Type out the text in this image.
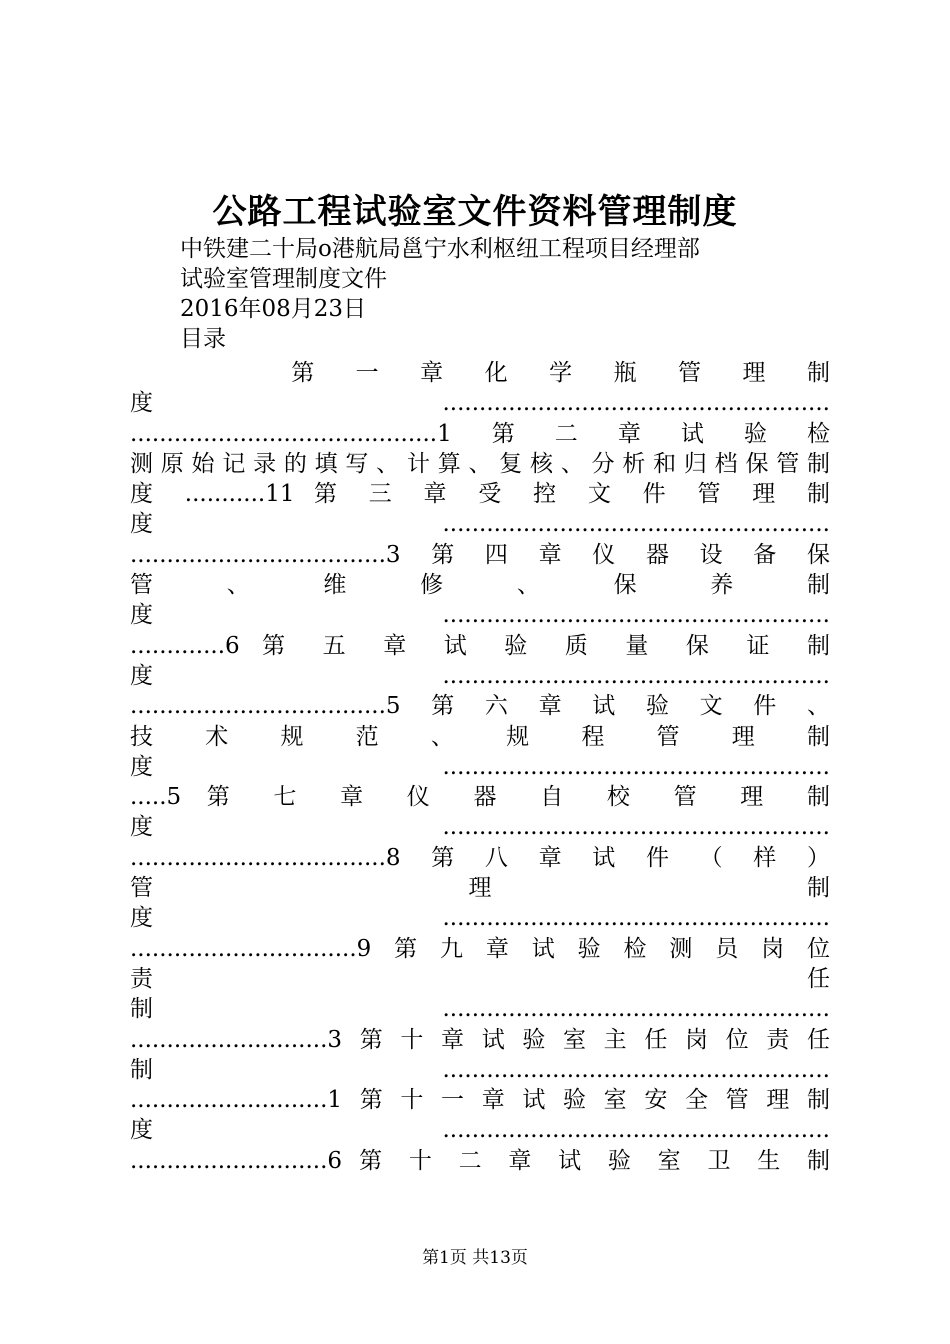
公路工程试验室文件资料管理制度
中铁建二十局o港航局邕宁水利枢纽工程项目经理部
试验室管理制度文件
2016年08月23日
目录
　　　　　第　一　章　化　学　瓶　管　理　制
度.....................................................
..........................................1第二章试验检
测原始记录的填写、计算、复核、分析和归档保管制
度 ...........11 第 三 章 受 控 文 件 管 理 制
度.....................................................
...................................3第四章仪器设备保
管 、 维 修 、 保 养 制
度.....................................................
.............6 第 五 章 试 验 质 量 保 证 制
度.....................................................
...................................5第六章试验文件、
技 术 规 范 、 规 程 管 理 制
度.....................................................
.....5 第 七 章 仪 器 自 校 管 理 制
度.....................................................
...................................8第八章试件（样）
管 理 制
度.....................................................
...............................9第九章试验检测员岗位
责 任
制.....................................................
...........................3第十章试验室主任岗位责任
制.....................................................
...........................1第十一章试验室安全管理制
度.....................................................
...........................6 第 十 二 章 试 验 室 卫 生 制
第1页 共13页
